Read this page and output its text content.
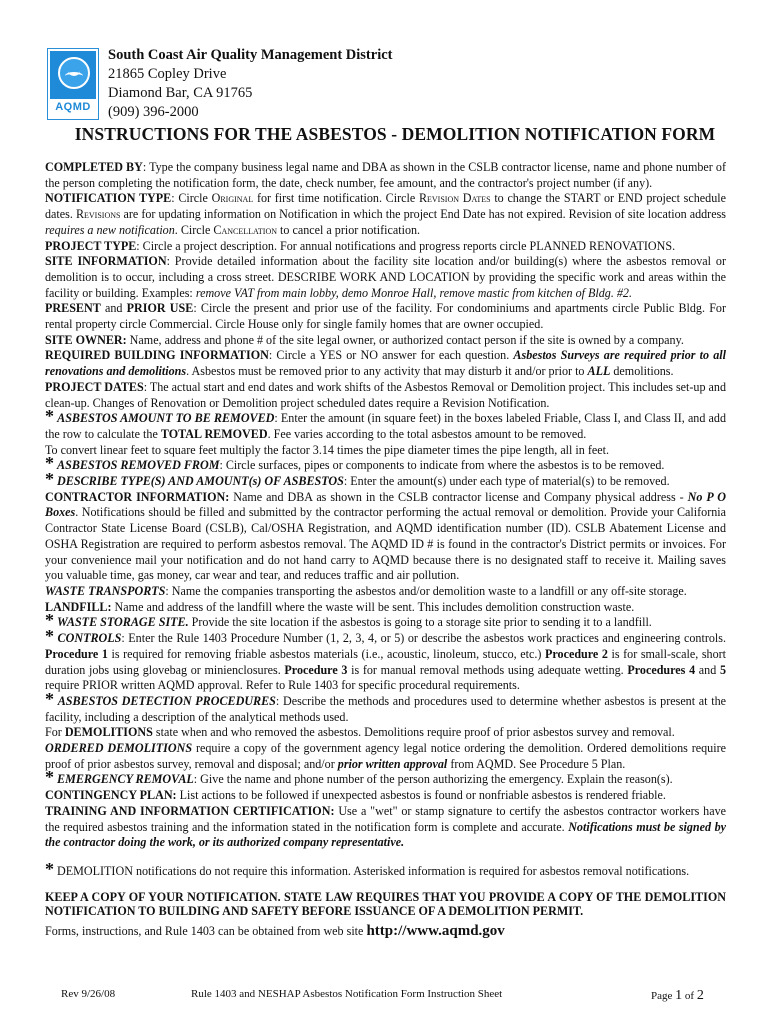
AQMD
South Coast Air Quality Management District
21865 Copley Drive
Diamond Bar, CA 91765
(909) 396-2000
INSTRUCTIONS FOR THE ASBESTOS - DEMOLITION NOTIFICATION FORM

COMPLETED BY: Type the company business legal name and DBA as shown in the CSLB contractor license, name and phone number of the person completing the notification form, the date, check number, fee amount, and the contractor's project number (if any).

NOTIFICATION TYPE: Circle Original for first time notification. Circle Revision Dates to change the START or END project schedule dates. Revisions are for updating information on Notification in which the project End Date has not expired. Revision of site location address requires a new notification. Circle Cancellation to cancel a prior notification.

PROJECT TYPE: Circle a project description. For annual notifications and progress reports circle PLANNED RENOVATIONS.

SITE INFORMATION: Provide detailed information about the facility site location and/or building(s) where the asbestos removal or demolition is to occur, including a cross street. DESCRIBE WORK AND LOCATION by providing the specific work and areas within the facility or building. Examples: remove VAT from main lobby, demo Monroe Hall, remove mastic from kitchen of Bldg. #2.

PRESENT and PRIOR USE: Circle the present and prior use of the facility. For condominiums and apartments circle Public Bldg. For rental property circle Commercial. Circle House only for single family homes that are owner occupied.

SITE OWNER: Name, address and phone # of the site legal owner, or authorized contact person if the site is owned by a company.

REQUIRED BUILDING INFORMATION: Circle a YES or NO answer for each question. Asbestos Surveys are required prior to all renovations and demolitions. Asbestos must be removed prior to any activity that may disturb it and/or prior to ALL demolitions.

PROJECT DATES: The actual start and end dates and work shifts of the Asbestos Removal or Demolition project. This includes set-up and clean-up. Changes of Renovation or Demolition project scheduled dates require a Revision Notification.

* ASBESTOS AMOUNT TO BE REMOVED: Enter the amount (in square feet) in the boxes labeled Friable, Class I, and Class II, and add the row to calculate the TOTAL REMOVED. Fee varies according to the total asbestos amount to be removed.
To convert linear feet to square feet multiply the factor 3.14 times the pipe diameter times the pipe length, all in feet.

* ASBESTOS REMOVED FROM: Circle surfaces, pipes or components to indicate from where the asbestos is to be removed.

* DESCRIBE TYPE(S) AND AMOUNT(s) OF ASBESTOS: Enter the amount(s) under each type of material(s) to be removed.

CONTRACTOR INFORMATION: Name and DBA as shown in the CSLB contractor license and Company physical address - No P O Boxes. Notifications should be filled and submitted by the contractor performing the actual removal or demolition. Provide your California Contractor State License Board (CSLB), Cal/OSHA Registration, and AQMD identification number (ID). CSLB Abatement License and OSHA Registration are required to perform asbestos removal. The AQMD ID # is found in the contractor's District permits or invoices. For your convenience mail your notification and do not hand carry to AQMD because there is no designated staff to receive it. Mailing saves you valuable time, gas money, car wear and tear, and reduces traffic and air pollution.

WASTE TRANSPORTS: Name the companies transporting the asbestos and/or demolition waste to a landfill or any off-site storage.

LANDFILL: Name and address of the landfill where the waste will be sent. This includes demolition construction waste.

* WASTE STORAGE SITE. Provide the site location if the asbestos is going to a storage site prior to sending it to a landfill.

* CONTROLS: Enter the Rule 1403 Procedure Number (1, 2, 3, 4, or 5) or describe the asbestos work practices and engineering controls. Procedure 1 is required for removing friable asbestos materials (i.e., acoustic, linoleum, stucco, etc.) Procedure 2 is for small-scale, short duration jobs using glovebag or minienclosures. Procedure 3 is for manual removal methods using adequate wetting. Procedures 4 and 5 require PRIOR written AQMD approval. Refer to Rule 1403 for specific procedural requirements.

* ASBESTOS DETECTION PROCEDURES: Describe the methods and procedures used to determine whether asbestos is present at the facility, including a description of the analytical methods used.

For DEMOLITIONS state when and who removed the asbestos. Demolitions require proof of prior asbestos survey and removal.

ORDERED DEMOLITIONS require a copy of the government agency legal notice ordering the demolition. Ordered demolitions require proof of prior asbestos survey, removal and disposal; and/or prior written approval from AQMD. See Procedure 5 Plan.

* EMERGENCY REMOVAL: Give the name and phone number of the person authorizing the emergency. Explain the reason(s).

CONTINGENCY PLAN: List actions to be followed if unexpected asbestos is found or nonfriable asbestos is rendered friable.

TRAINING AND INFORMATION CERTIFICATION: Use a "wet" or stamp signature to certify the asbestos contractor workers have the required asbestos training and the information stated in the notification form is complete and accurate. Notifications must be signed by the contractor doing the work, or its authorized company representative.

* DEMOLITION notifications do not require this information. Asterisked information is required for asbestos removal notifications.

KEEP A COPY OF YOUR NOTIFICATION. STATE LAW REQUIRES THAT YOU PROVIDE A COPY OF THE DEMOLITION NOTIFICATION TO BUILDING AND SAFETY BEFORE ISSUANCE OF A DEMOLITION PERMIT.

Forms, instructions, and Rule 1403 can be obtained from web site http://www.aqmd.gov

Rev 9/26/08	Rule 1403 and NESHAP Asbestos Notification Form Instruction Sheet	Page 1 of 2
